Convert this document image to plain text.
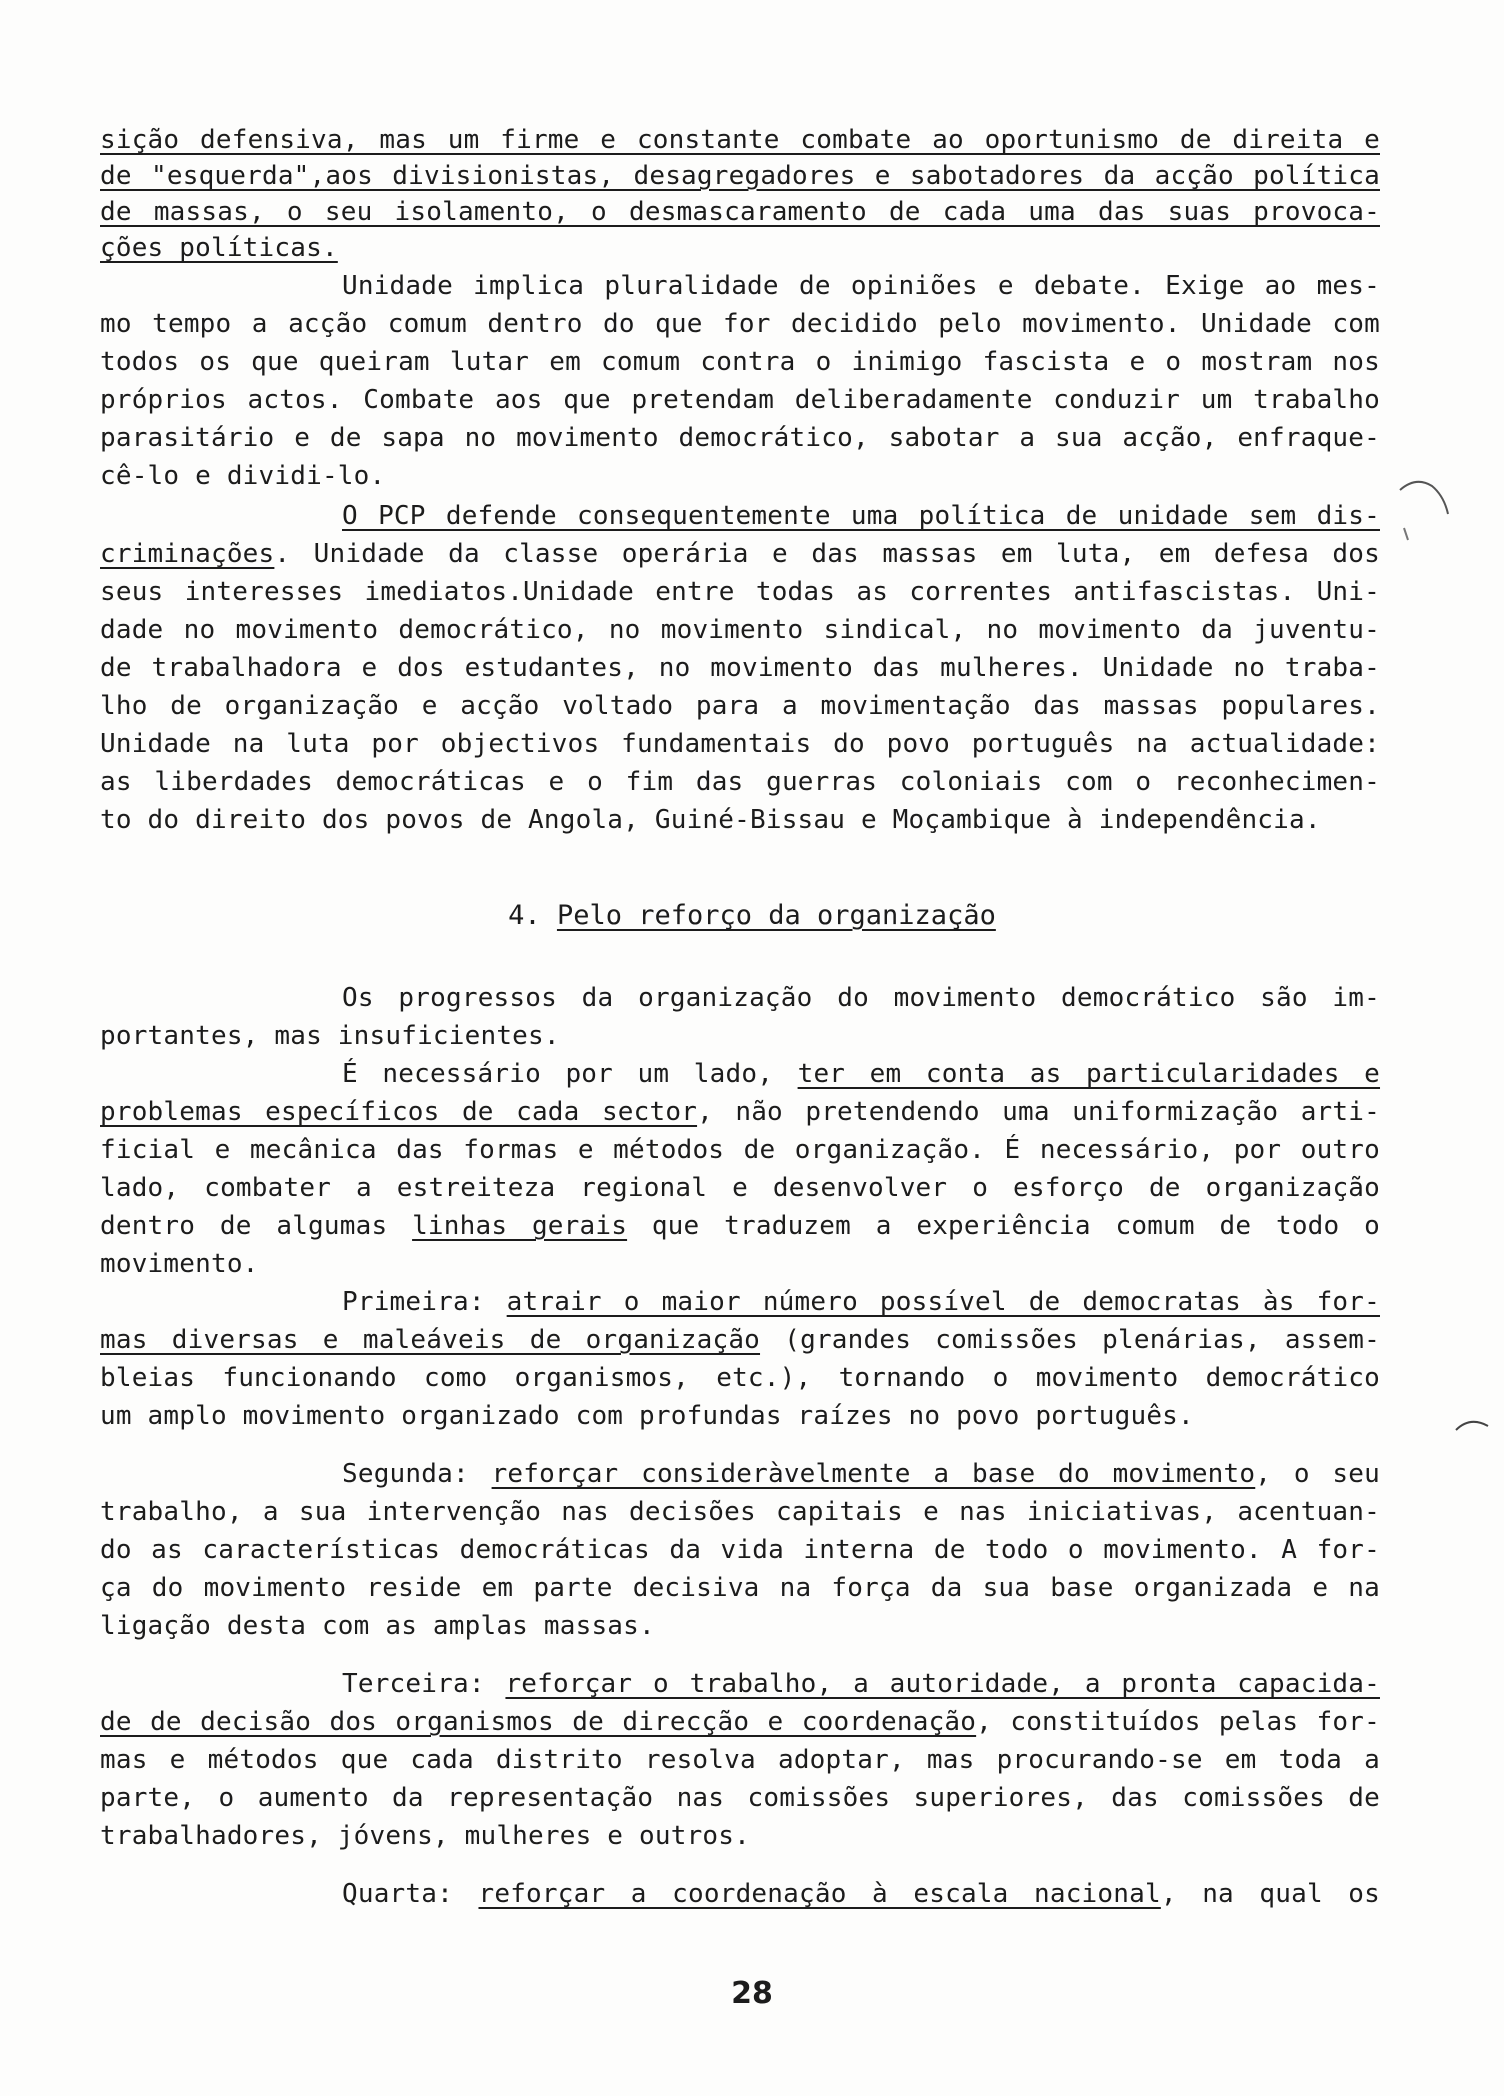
sição defensiva, mas um firme e constante combate ao oportunismo de direita e
de "esquerda",aos divisionistas, desagregadores e sabotadores da acção política
de massas, o seu isolamento, o desmascaramento de cada uma das suas provoca-
ções políticas.
Unidade implica pluralidade de opiniões e debate. Exige ao mes-
mo tempo a acção comum dentro do que for decidido pelo movimento. Unidade com
todos os que queiram lutar em comum contra o inimigo fascista e o mostram nos
próprios actos. Combate aos que pretendam deliberadamente conduzir um trabalho
parasitário e de sapa no movimento democrático, sabotar a sua acção, enfraque-
cê-lo e dividi-lo.
O PCP defende consequentemente uma política de unidade sem dis-
criminações. Unidade da classe operária e das massas em luta, em defesa dos
seus interesses imediatos.Unidade entre todas as correntes antifascistas. Uni-
dade no movimento democrático, no movimento sindical, no movimento da juventu-
de trabalhadora e dos estudantes, no movimento das mulheres. Unidade no traba-
lho de organização e acção voltado para a movimentação das massas populares.
Unidade na luta por objectivos fundamentais do povo português na actualidade:
as liberdades democráticas e o fim das guerras coloniais com o reconhecimen-
to do direito dos povos de Angola, Guiné-Bissau e Moçambique à independência.
4. Pelo reforço da organização
Os progressos da organização do movimento democrático são im-
portantes, mas insuficientes.
É necessário por um lado, ter em conta as particularidades e
problemas específicos de cada sector, não pretendendo uma uniformização arti-
ficial e mecânica das formas e métodos de organização. É necessário, por outro
lado, combater a estreiteza regional e desenvolver o esforço de organização
dentro de algumas linhas gerais que traduzem a experiência comum de todo o
movimento.
Primeira: atrair o maior número possível de democratas às for-
mas diversas e maleáveis de organização (grandes comissões plenárias, assem-
bleias funcionando como organismos, etc.), tornando o movimento democrático
um amplo movimento organizado com profundas raízes no povo português.
Segunda: reforçar consideràvelmente a base do movimento, o seu
trabalho, a sua intervenção nas decisões capitais e nas iniciativas, acentuan-
do as características democráticas da vida interna de todo o movimento. A for-
ça do movimento reside em parte decisiva na força da sua base organizada e na
ligação desta com as amplas massas.
Terceira: reforçar o trabalho, a autoridade, a pronta capacida-
de de decisão dos organismos de direcção e coordenação, constituídos pelas for-
mas e métodos que cada distrito resolva adoptar, mas procurando-se em toda a
parte, o aumento da representação nas comissões superiores, das comissões de
trabalhadores, jóvens, mulheres e outros.
Quarta: reforçar a coordenação à escala nacional, na qual os
28
